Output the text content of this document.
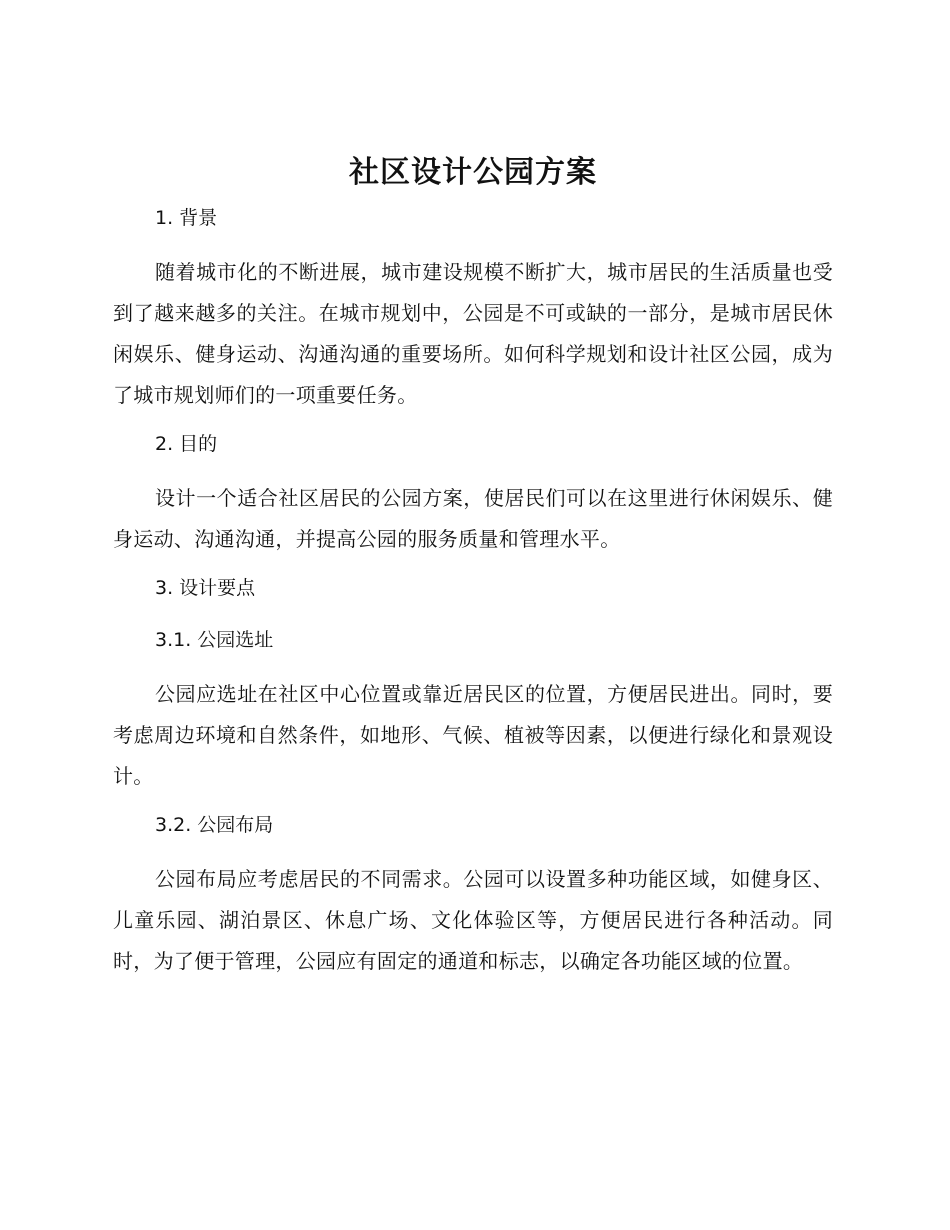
社区设计公园方案
1. 背景

随着城市化的不断进展，城市建设规模不断扩大，城市居民的生活质量也受到了越来越多的关注。在城市规划中，公园是不可或缺的一部分，是城市居民休闲娱乐、健身运动、沟通沟通的重要场所。如何科学规划和设计社区公园，成为了城市规划师们的一项重要任务。

2. 目的

设计一个适合社区居民的公园方案，使居民们可以在这里进行休闲娱乐、健身运动、沟通沟通，并提高公园的服务质量和管理水平。

3. 设计要点
3.1. 公园选址

公园应选址在社区中心位置或靠近居民区的位置，方便居民进出。同时，要考虑周边环境和自然条件，如地形、气候、植被等因素，以便进行绿化和景观设计。

3.2. 公园布局

公园布局应考虑居民的不同需求。公园可以设置多种功能区域，如健身区、儿童乐园、湖泊景区、休息广场、文化体验区等，方便居民进行各种活动。同时，为了便于管理，公园应有固定的通道和标志，以确定各功能区域的位置。
